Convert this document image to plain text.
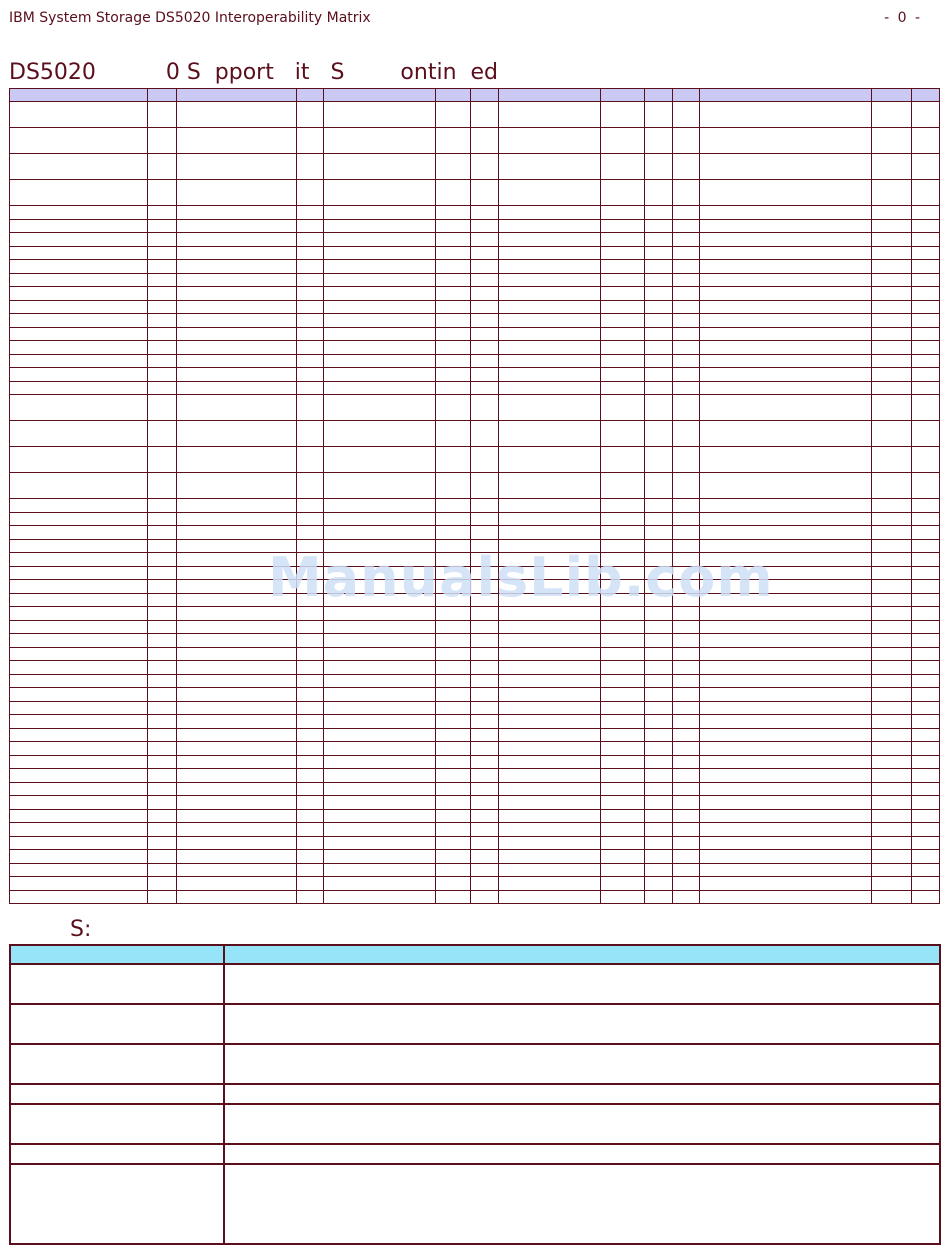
IBM System Storage DS5020 Interoperability Matrix	- 0 -
DS5020          0 S  pport   it   S        ontin  ed

S:

ManualsLib.com
